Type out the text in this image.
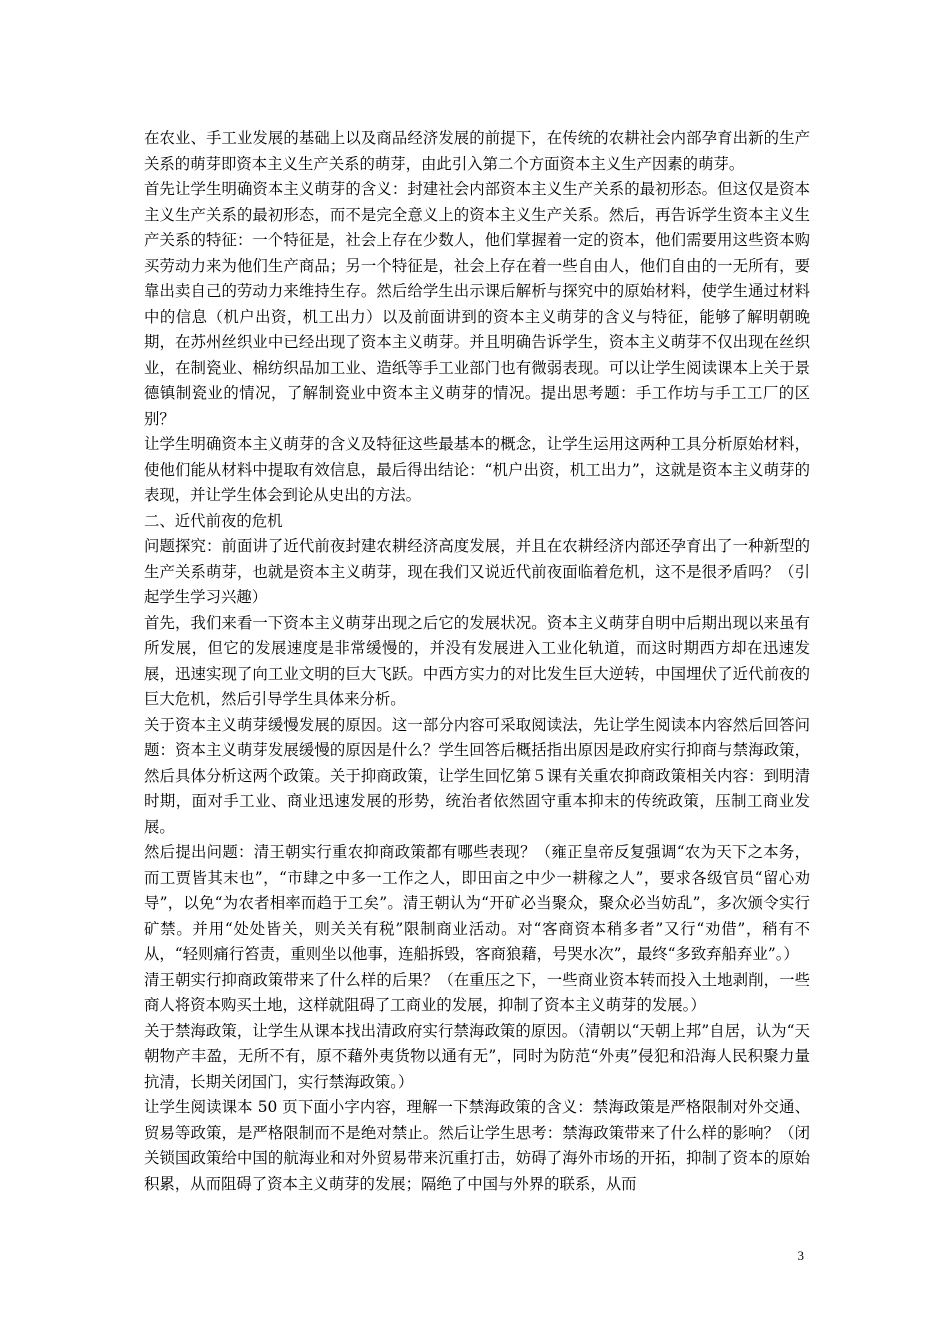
在农业、手工业发展的基础上以及商品经济发展的前提下，在传统的农耕社会内部孕育出新的生产关系的萌芽即资本主义生产关系的萌芽，由此引入第二个方面资本主义生产因素的萌芽。

首先让学生明确资本主义萌芽的含义：封建社会内部资本主义生产关系的最初形态。但这仅是资本主义生产关系的最初形态，而不是完全意义上的资本主义生产关系。然后，再告诉学生资本主义生产关系的特征：一个特征是，社会上存在少数人，他们掌握着一定的资本，他们需要用这些资本购买劳动力来为他们生产商品；另一个特征是，社会上存在着一些自由人，他们自由的一无所有，要靠出卖自己的劳动力来维持生存。然后给学生出示课后解析与探究中的原始材料，使学生通过材料中的信息（机户出资，机工出力）以及前面讲到的资本主义萌芽的含义与特征，能够了解明朝晚期，在苏州丝织业中已经出现了资本主义萌芽。并且明确告诉学生，资本主义萌芽不仅出现在丝织业，在制瓷业、棉纺织品加工业、造纸等手工业部门也有微弱表现。可以让学生阅读课本上关于景德镇制瓷业的情况，了解制瓷业中资本主义萌芽的情况。提出思考题：手工作坊与手工工厂的区别？

让学生明确资本主义萌芽的含义及特征这些最基本的概念，让学生运用这两种工具分析原始材料，使他们能从材料中提取有效信息，最后得出结论：“机户出资，机工出力”，这就是资本主义萌芽的表现，并让学生体会到论从史出的方法。

二、近代前夜的危机

问题探究：前面讲了近代前夜封建农耕经济高度发展，并且在农耕经济内部还孕育出了一种新型的生产关系萌芽，也就是资本主义萌芽，现在我们又说近代前夜面临着危机，这不是很矛盾吗？（引起学生学习兴趣）

首先，我们来看一下资本主义萌芽出现之后它的发展状况。资本主义萌芽自明中后期出现以来虽有所发展，但它的发展速度是非常缓慢的，并没有发展进入工业化轨道，而这时期西方却在迅速发展，迅速实现了向工业文明的巨大飞跃。中西方实力的对比发生巨大逆转，中国埋伏了近代前夜的巨大危机，然后引导学生具体来分析。

关于资本主义萌芽缓慢发展的原因。这一部分内容可采取阅读法，先让学生阅读本内容然后回答问题：资本主义萌芽发展缓慢的原因是什么？学生回答后概括指出原因是政府实行抑商与禁海政策，然后具体分析这两个政策。关于抑商政策，让学生回忆第５课有关重农抑商政策相关内容：到明清时期，面对手工业、商业迅速发展的形势，统治者依然固守重本抑末的传统政策，压制工商业发展。

然后提出问题：清王朝实行重农抑商政策都有哪些表现？（雍正皇帝反复强调“农为天下之本务，而工贾皆其末也”，“市肆之中多一工作之人，即田亩之中少一耕稼之人”，要求各级官员“留心劝导”，以免“为农者相率而趋于工矣”。清王朝认为“开矿必当聚众，聚众必当妨乱”，多次颁令实行矿禁。并用“处处皆关，则关关有税”限制商业活动。对“客商资本稍多者”又行“劝借”，稍有不从，“轻则痛行笞责，重则坐以他事，连船拆毁，客商狼藉，号哭水次”，最终“多致弃船弃业”。）

清王朝实行抑商政策带来了什么样的后果？（在重压之下，一些商业资本转而投入土地剥削，一些商人将资本购买土地，这样就阻碍了工商业的发展，抑制了资本主义萌芽的发展。）

关于禁海政策，让学生从课本找出清政府实行禁海政策的原因。（清朝以“天朝上邦”自居，认为“天朝物产丰盈，无所不有，原不藉外夷货物以通有无”，同时为防范“外夷”侵犯和沿海人民积聚力量抗清，长期关闭国门，实行禁海政策。）

让学生阅读课本 50 页下面小字内容，理解一下禁海政策的含义：禁海政策是严格限制对外交通、贸易等政策，是严格限制而不是绝对禁止。然后让学生思考：禁海政策带来了什么样的影响？（闭关锁国政策给中国的航海业和对外贸易带来沉重打击，妨碍了海外市场的开拓，抑制了资本的原始积累，从而阻碍了资本主义萌芽的发展；隔绝了中国与外界的联系，从而

3
